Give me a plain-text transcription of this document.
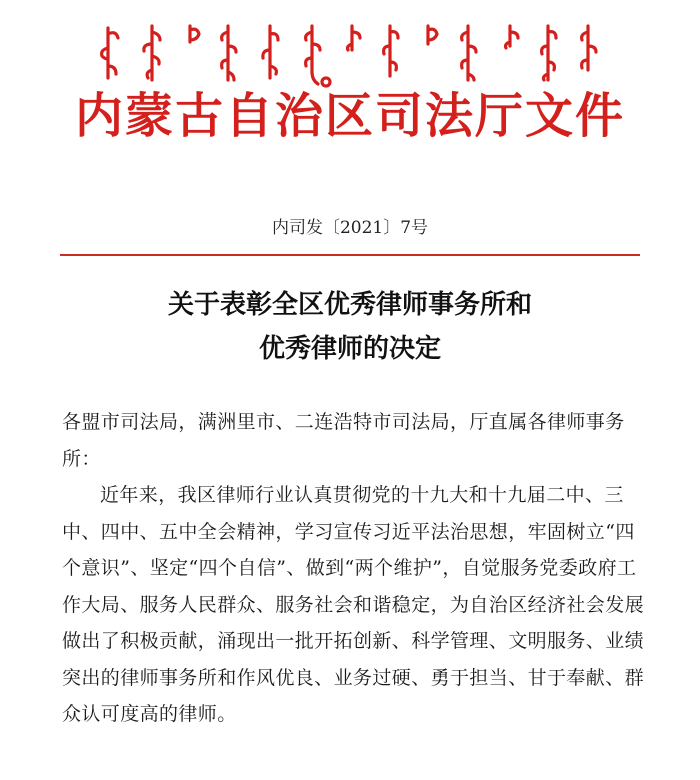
内蒙古自治区司法厅文件
内司发〔2021〕7号
关于表彰全区优秀律师事务所和
优秀律师的决定

各盟市司法局，满洲里市、二连浩特市司法局，厅直属各律师事务所：

近年来，我区律师行业认真贯彻党的十九大和十九届二中、三中、四中、五中全会精神，学习宣传习近平法治思想，牢固树立“四个意识”、坚定“四个自信”、做到“两个维护”，自觉服务党委政府工作大局、服务人民群众、服务社会和谐稳定，为自治区经济社会发展做出了积极贡献，涌现出一批开拓创新、科学管理、文明服务、业绩突出的律师事务所和作风优良、业务过硬、勇于担当、甘于奉献、群众认可度高的律师。
